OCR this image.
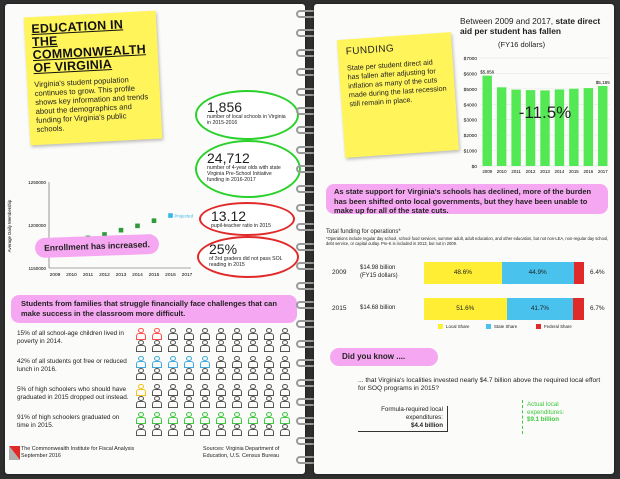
EDUCATION IN THE COMMONWEALTH OF VIRGINIA

Virginia's student population continues to grow. This profile shows key information and trends about the demographics and funding for Virginia's public schools.

1,856
number of local schools in Virginia in 2015-2016
24,712
number of 4-year olds with state Virginia Pre-School Initiative funding in 2016-2017
13.12
pupil-teacher ratio in 2015
25%
of 3rd graders did not pass SOL reading in 2015
1150000
1200000
1250000
Average Daily Membership
2009 2010 2011 2012 2013 2014 2015 2016
Projected
2017
Enrollment has increased.
Students from families that struggle financially face challenges that can make success in the classroom more difficult.
15% of all school-age children lived in poverty in 2014.
42% of all students got free or reduced lunch in 2016.
5% of high schoolers who should have graduated in 2015 dropped out instead.
91% of high schoolers graduated on time in 2015.
The Commonwealth Institute for Fiscal Analysis
September 2016
Sources: Virginia Department of Education, U.S. Census Bureau
Between 2009 and 2017, state direct aid per student has fallen
(FY16 dollars)
$0
$1000
$2000
$3000
$4000
$5000
$6000
$7000
2009
$5,856
2010 2011 2012 2013 2014 2015 2016 2017
$5,185
-11.5%
FUNDING

State per student direct aid has fallen after adjusting for inflation as many of the cuts made during the last recession still remain in place.

As state support for Virginia's schools has declined, more of the burden has been shifted onto local governments, but they have been unable to make up for all of the state cuts.
Total funding for operations*
*Operations include regular day school, school food services, summer adult, adult education, and other education, but not non-LEA, non-regular day school, debt service, or capital outlay. Pre-K is included in 2013, but not in 2009.
2009
$14.98 billion
(FY15 dollars)	48.6%	44.9%	6.4%
2015 $14.68 billion	51.6%	41.7%	6.7%
Local Share	State Share	Federal Share
Did you know ....
... that Virginia's localities invested nearly $4.7 billion above the required local effort for SOQ programs in 2015?
Formula-required local expenditures:
$4.4 billion
Actual local expenditures:
$9.1 billion
